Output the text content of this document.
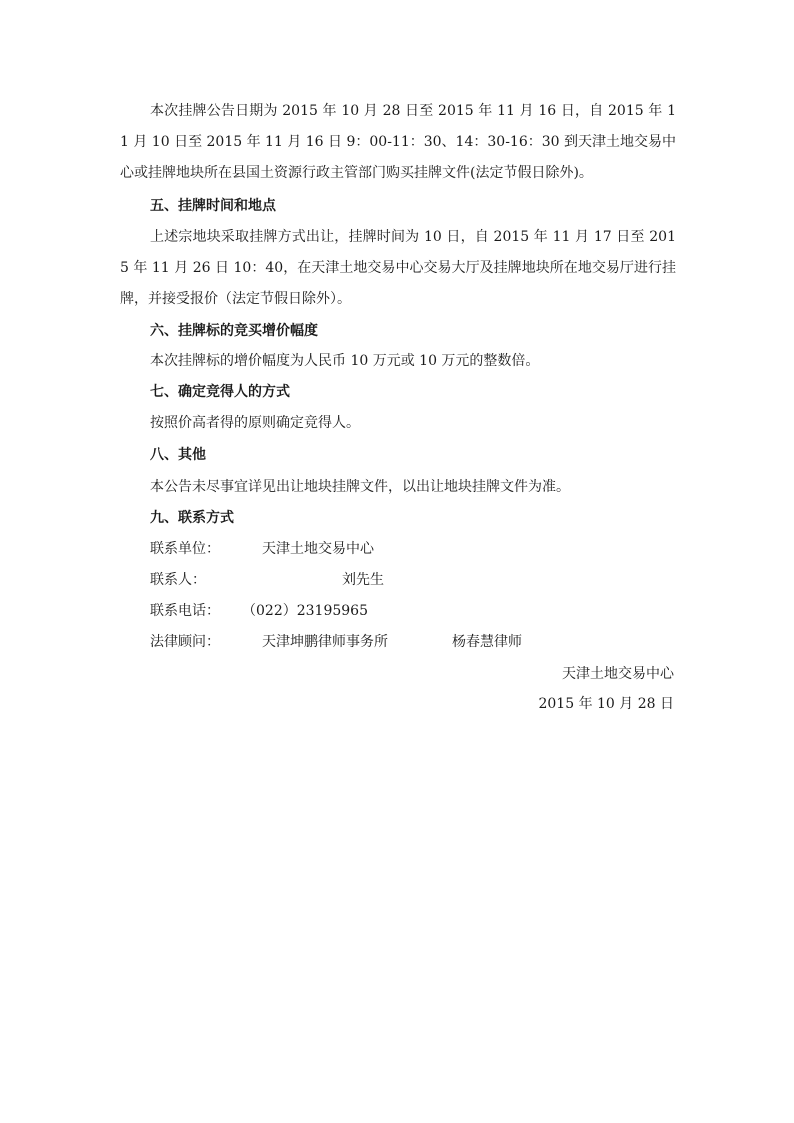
本次挂牌公告日期为 2015 年 10 月 28 日至 2015 年 11 月 16 日，自 2015 年 11 月 10 日至 2015 年 11 月 16 日 9：00-11：30、14：30-16：30 到天津土地交易中心或挂牌地块所在县国土资源行政主管部门购买挂牌文件(法定节假日除外)。
五、挂牌时间和地点
上述宗地块采取挂牌方式出让，挂牌时间为 10 日，自 2015 年 11 月 17 日至 2015 年 11 月 26 日 10：40，在天津土地交易中心交易大厅及挂牌地块所在地交易厅进行挂牌，并接受报价（法定节假日除外）。
六、挂牌标的竞买增价幅度
本次挂牌标的增价幅度为人民币 10 万元或 10 万元的整数倍。
七、确定竞得人的方式
按照价高者得的原则确定竞得人。
八、其他
本公告未尽事宜详见出让地块挂牌文件，以出让地块挂牌文件为准。
九、联系方式
联系单位：	天津土地交易中心
联系人：	刘先生
联系电话： （022）23195965
法律顾问：	天津坤鹏律师事务所	杨春慧律师
天津土地交易中心
2015 年 10 月 28 日
